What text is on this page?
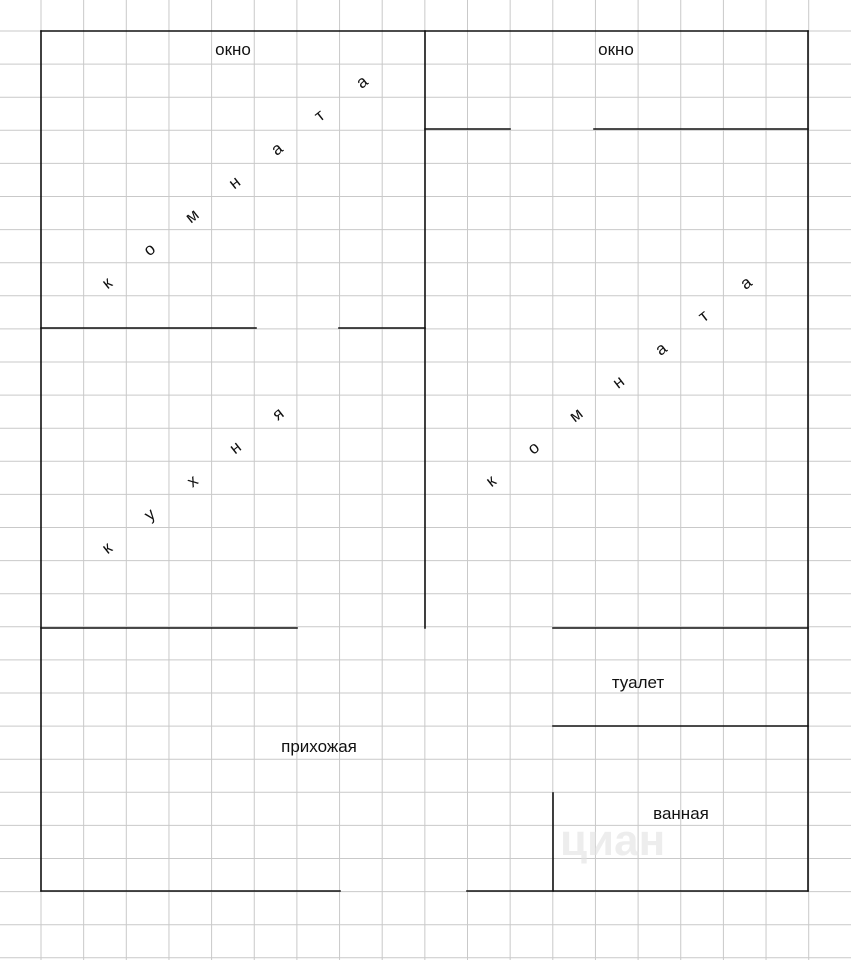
циан
окно	окно
туалет
прихожая
ванная
к
о
м
н
а
т
а
к
у
х
н
я
к
о
м
н
а
т
а
